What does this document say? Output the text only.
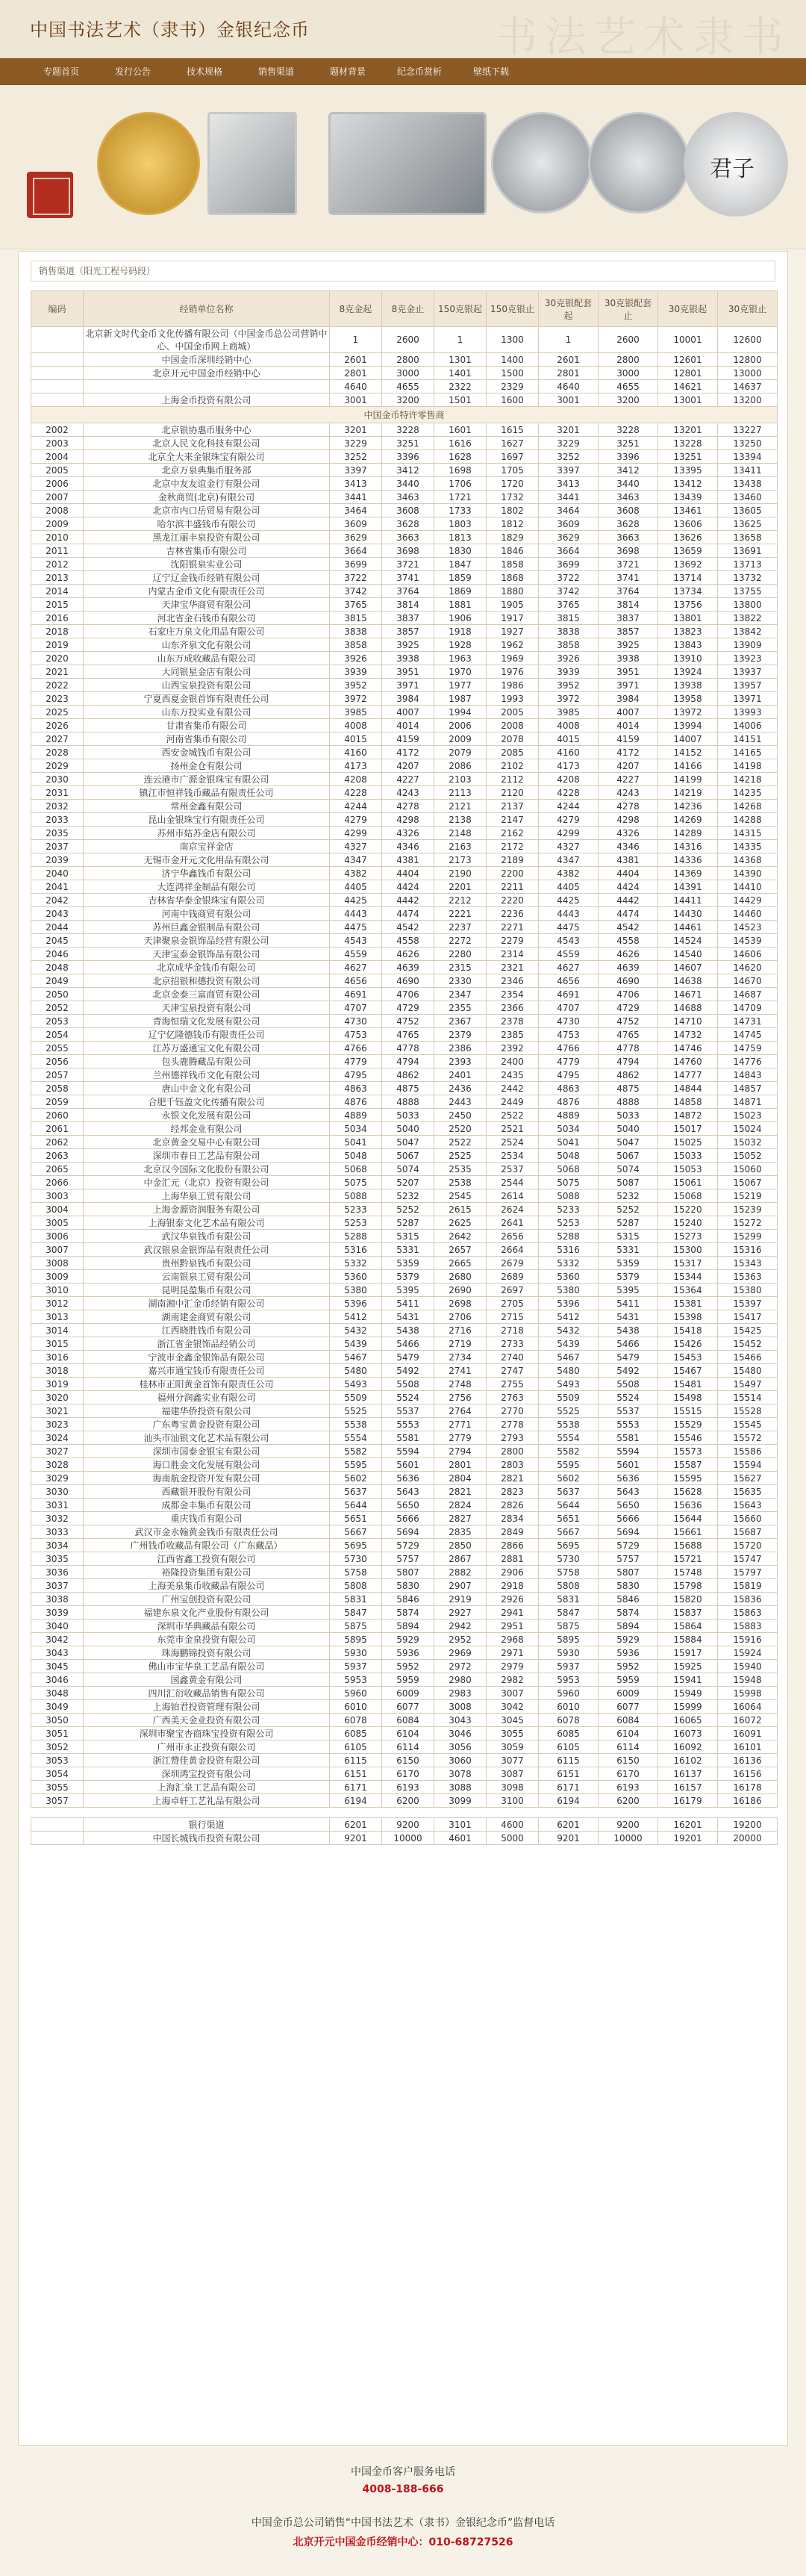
中国书法艺术（隶书）金银纪念币	书法艺术隶书
专题首页	发行公告	技术规格	销售渠道	题材背景	纪念币赏析	壁纸下载
君子
销售渠道（阳光工程号码段）
编码	经销单位名称	8克金起	8克金止	150克银起	150克银止	30克银配套起	30克银配套止	30克银起	30克银止
	北京新文时代金币文化传播有限公司（中国金币总公司营销中心、中国金币网上商城）	1	2600	1	1300	1	2600	10001	12600
	中国金币深圳经销中心	2601	2800	1301	1400	2601	2800	12601	12800
	北京开元中国金币经销中心	2801	3000	1401	1500	2801	3000	12801	13000
		4640	4655	2322	2329	4640	4655	14621	14637
	上海金币投资有限公司	3001	3200	1501	1600	3001	3200	13001	13200
中国金币特许零售商									
2002	北京银协惠币服务中心	3201	3228	1601	1615	3201	3228	13201	13227
2003	北京人民文化科技有限公司	3229	3251	1616	1627	3229	3251	13228	13250
2004	北京全大来金银珠宝有限公司	3252	3396	1628	1697	3252	3396	13251	13394
2005	北京万泉典集币服务部	3397	3412	1698	1705	3397	3412	13395	13411
2006	北京中友友谊金行有限公司	3413	3440	1706	1720	3413	3440	13412	13438
2007	金秋商贸(北京)有限公司	3441	3463	1721	1732	3441	3463	13439	13460
2008	北京市内口岳贸易有限公司	3464	3608	1733	1802	3464	3608	13461	13605
2009	哈尔滨丰盛钱币有限公司	3609	3628	1803	1812	3609	3628	13606	13625
2010	黑龙江丽丰泉投资有限公司	3629	3663	1813	1829	3629	3663	13626	13658
2011	吉林省集币有限公司	3664	3698	1830	1846	3664	3698	13659	13691
2012	沈阳银泉实业公司	3699	3721	1847	1858	3699	3721	13692	13713
2013	辽宁辽金钱币经销有限公司	3722	3741	1859	1868	3722	3741	13714	13732
2014	内蒙古金币文化有限责任公司	3742	3764	1869	1880	3742	3764	13734	13755
2015	天津宝华商贸有限公司	3765	3814	1881	1905	3765	3814	13756	13800
2016	河北省金石钱币有限公司	3815	3837	1906	1917	3815	3837	13801	13822
2018	石家庄万泉文化用品有限公司	3838	3857	1918	1927	3838	3857	13823	13842
2019	山东齐泉文化有限公司	3858	3925	1928	1962	3858	3925	13843	13909
2020	山东万成收藏品有限公司	3926	3938	1963	1969	3926	3938	13910	13923
2021	大同银星金店有限公司	3939	3951	1970	1976	3939	3951	13924	13937
2022	山西宝泉投资有限公司	3952	3971	1977	1986	3952	3971	13938	13957
2023	宁夏西夏金银首饰有限责任公司	3972	3984	1987	1993	3972	3984	13958	13971
2025	山东万投实业有限公司	3985	4007	1994	2005	3985	4007	13972	13993
2026	甘肃省集币有限公司	4008	4014	2006	2008	4008	4014	13994	14006
2027	河南省集币有限公司	4015	4159	2009	2078	4015	4159	14007	14151
2028	西安金城钱币有限公司	4160	4172	2079	2085	4160	4172	14152	14165
2029	扬州金仓有限公司	4173	4207	2086	2102	4173	4207	14166	14198
2030	连云港市广源金银珠宝有限公司	4208	4227	2103	2112	4208	4227	14199	14218
2031	镇江市恒祥钱币藏品有限责任公司	4228	4243	2113	2120	4228	4243	14219	14235
2032	常州金鑫有限公司	4244	4278	2121	2137	4244	4278	14236	14268
2033	昆山金银珠宝行有限责任公司	4279	4298	2138	2147	4279	4298	14269	14288
2035	苏州市姑苏金店有限公司	4299	4326	2148	2162	4299	4326	14289	14315
2037	南京宝祥金店	4327	4346	2163	2172	4327	4346	14316	14335
2039	无锡市金开元文化用品有限公司	4347	4381	2173	2189	4347	4381	14336	14368
2040	济宁华鑫钱币有限公司	4382	4404	2190	2200	4382	4404	14369	14390
2041	大连鸿祥金制品有限公司	4405	4424	2201	2211	4405	4424	14391	14410
2042	吉林省华泰金银珠宝有限公司	4425	4442	2212	2220	4425	4442	14411	14429
2043	河南中钱商贸有限公司	4443	4474	2221	2236	4443	4474	14430	14460
2044	苏州巨鑫金银制品有限公司	4475	4542	2237	2271	4475	4542	14461	14523
2045	天津聚泉金银饰品经营有限公司	4543	4558	2272	2279	4543	4558	14524	14539
2046	天津宝泰金银饰品有限公司	4559	4626	2280	2314	4559	4626	14540	14606
2048	北京成华金钱币有限公司	4627	4639	2315	2321	4627	4639	14607	14620
2049	北京招银和德投资有限公司	4656	4690	2330	2346	4656	4690	14638	14670
2050	北京金泰三富商贸有限公司	4691	4706	2347	2354	4691	4706	14671	14687
2052	天津宝泉投资有限公司	4707	4729	2355	2366	4707	4729	14688	14709
2053	青海恒瑞文化发展有限公司	4730	4752	2367	2378	4730	4752	14710	14731
2054	辽宁亿隆德钱币有限责任公司	4753	4765	2379	2385	4753	4765	14732	14745
2055	江苏万盛通宝文化有限公司	4766	4778	2386	2392	4766	4778	14746	14759
2056	包头鹿腾藏品有限公司	4779	4794	2393	2400	4779	4794	14760	14776
2057	兰州德祥钱币文化有限公司	4795	4862	2401	2435	4795	4862	14777	14843
2058	唐山中金文化有限公司	4863	4875	2436	2442	4863	4875	14844	14857
2059	合肥千钰盈文化传播有限公司	4876	4888	2443	2449	4876	4888	14858	14871
2060	永银文化发展有限公司	4889	5033	2450	2522	4889	5033	14872	15023
2061	经邦金业有限公司	5034	5040	2520	2521	5034	5040	15017	15024
2062	北京黄金交易中心有限公司	5041	5047	2522	2524	5041	5047	15025	15032
2063	深圳市春日工艺品有限公司	5048	5067	2525	2534	5048	5067	15033	15052
2065	北京汉今国际文化股份有限公司	5068	5074	2535	2537	5068	5074	15053	15060
2066	中金汇元（北京）投资有限公司	5075	5207	2538	2544	5075	5087	15061	15067
3003	上海华泉工贸有限公司	5088	5232	2545	2614	5088	5232	15068	15219
3004	上海金源资润服务有限公司	5233	5252	2615	2624	5233	5252	15220	15239
3005	上海银泰文化艺术品有限公司	5253	5287	2625	2641	5253	5287	15240	15272
3006	武汉华泉钱币有限公司	5288	5315	2642	2656	5288	5315	15273	15299
3007	武汉银泉金银饰品有限责任公司	5316	5331	2657	2664	5316	5331	15300	15316
3008	贵州黔泉钱币有限公司	5332	5359	2665	2679	5332	5359	15317	15343
3009	云南银泉工贸有限公司	5360	5379	2680	2689	5360	5379	15344	15363
3010	昆明昆盈集币有限公司	5380	5395	2690	2697	5380	5395	15364	15380
3012	湖南湘中汇金币经销有限公司	5396	5411	2698	2705	5396	5411	15381	15397
3013	湖南建金商贸有限公司	5412	5431	2706	2715	5412	5431	15398	15417
3014	江西晓胜钱币有限公司	5432	5438	2716	2718	5432	5438	15418	15425
3015	浙江省金银饰品经销公司	5439	5466	2719	2733	5439	5466	15426	15452
3016	宁波市金鑫金银饰品有限公司	5467	5479	2734	2740	5467	5479	15453	15466
3018	嘉兴市通宝钱币有限责任公司	5480	5492	2741	2747	5480	5492	15467	15480
3019	桂林市正阳黄金首饰有限责任公司	5493	5508	2748	2755	5493	5508	15481	15497
3020	福州分润鑫实业有限公司	5509	5524	2756	2763	5509	5524	15498	15514
3021	福建华侨投资有限公司	5525	5537	2764	2770	5525	5537	15515	15528
3023	广东粤宝黄金投资有限公司	5538	5553	2771	2778	5538	5553	15529	15545
3024	汕头市汕银文化艺术品有限公司	5554	5581	2779	2793	5554	5581	15546	15572
3027	深圳市国泰金银宝有限公司	5582	5594	2794	2800	5582	5594	15573	15586
3028	海口胜金文化发展有限公司	5595	5601	2801	2803	5595	5601	15587	15594
3029	海南航金投资开发有限公司	5602	5636	2804	2821	5602	5636	15595	15627
3030	西藏银开股份有限公司	5637	5643	2821	2823	5637	5643	15628	15635
3031	成都金丰集币有限公司	5644	5650	2824	2826	5644	5650	15636	15643
3032	重庆钱币有限公司	5651	5666	2827	2834	5651	5666	15644	15660
3033	武汉市金永翰黄金钱币有限责任公司	5667	5694	2835	2849	5667	5694	15661	15687
3034	广州钱币收藏品有限公司（广东藏品）	5695	5729	2850	2866	5695	5729	15688	15720
3035	江西省鑫工投资有限公司	5730	5757	2867	2881	5730	5757	15721	15747
3036	裕隆投资集团有限公司	5758	5807	2882	2906	5758	5807	15748	15797
3037	上海美泉集币收藏品有限公司	5808	5830	2907	2918	5808	5830	15798	15819
3038	广州宝创投资有限公司	5831	5846	2919	2926	5831	5846	15820	15836
3039	福建东泉文化产业股份有限公司	5847	5874	2927	2941	5847	5874	15837	15863
3040	深圳市华典藏品有限公司	5875	5894	2942	2951	5875	5894	15864	15883
3042	东莞市金泉投资有限公司	5895	5929	2952	2968	5895	5929	15884	15916
3043	珠海鹏锦投资有限公司	5930	5936	2969	2971	5930	5936	15917	15924
3045	佛山市宝华泉工艺品有限公司	5937	5952	2972	2979	5937	5952	15925	15940
3046	国鑫黄金有限公司	5953	5959	2980	2982	5953	5959	15941	15948
3048	四川汇衍收藏品销售有限公司	5960	6009	2983	3007	5960	6009	15949	15998
3049	上海铂君投资管理有限公司	6010	6077	3008	3042	6010	6077	15999	16064
3050	广西美天金业投资有限公司	6078	6084	3043	3045	6078	6084	16065	16072
3051	深圳市聚宝杏商珠宝投资有限公司	6085	6104	3046	3055	6085	6104	16073	16091
3052	广州市永正投资有限公司	6105	6114	3056	3059	6105	6114	16092	16101
3053	浙江赞佳黄金投资有限公司	6115	6150	3060	3077	6115	6150	16102	16136
3054	深圳鸿宝投资有限公司	6151	6170	3078	3087	6151	6170	16137	16156
3055	上海汇泉工艺品有限公司	6171	6193	3088	3098	6171	6193	16157	16178
3057	上海卓轩工艺礼品有限公司	6194	6200	3099	3100	6194	6200	16179	16186

	银行渠道	6201	9200	3101	4600	6201	9200	16201	19200
	中国长城钱币投资有限公司	9201	10000	4601	5000	9201	10000	19201	20000
中国金币客户服务电话
4008-188-666
中国金币总公司销售“中国书法艺术（隶书）金银纪念币”监督电话
北京开元中国金币经销中心：010-68727526
